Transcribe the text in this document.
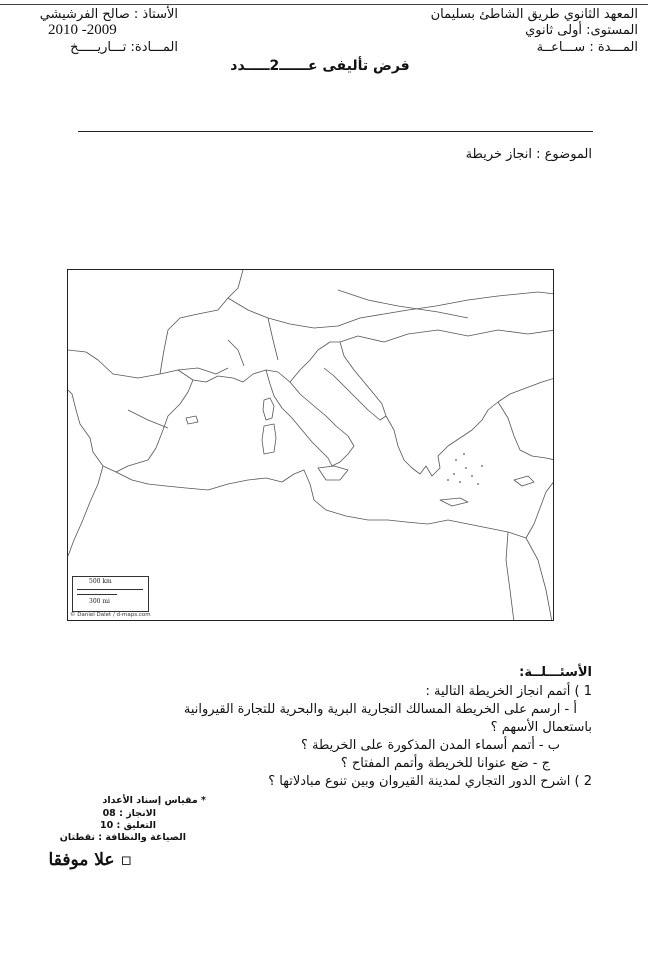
الأستاذ : صالح الفرشيشي
2010 -2009
المـــادة: تـــاريـــــخ
المعهد الثانوي طريق الشاطئ بسليمان
المستوى: أولى ثانوي
المـــدة : ســـاعــة
فرض تأليفى عــــــ2ـــــدد
الموضوع : انجاز خريطة
500 km
300 mi
© Daniel Dalet / d-maps.com
الأسئـــلــة:
1 ) أتمم انجاز الخريطة التالية :
أ - ارسم على الخريطة المسالك التجارية البرية والبحرية للتجارة القيروانية
باستعمال الأسهم ؟
ب - أتمم أسماء المدن المذكورة على الخريطة ؟
ج - ضع عنوانا للخريطة وأتمم المفتاح ؟
2 ) اشرح الدور التجاري لمدينة القيروان وبين تنوع مبادلاتها ؟
* مقياس إسناد الأعداد
الانجاز : 08
التعليق : 10
الصياغة والنظافة : نقطتان
▫ علا موفقا
